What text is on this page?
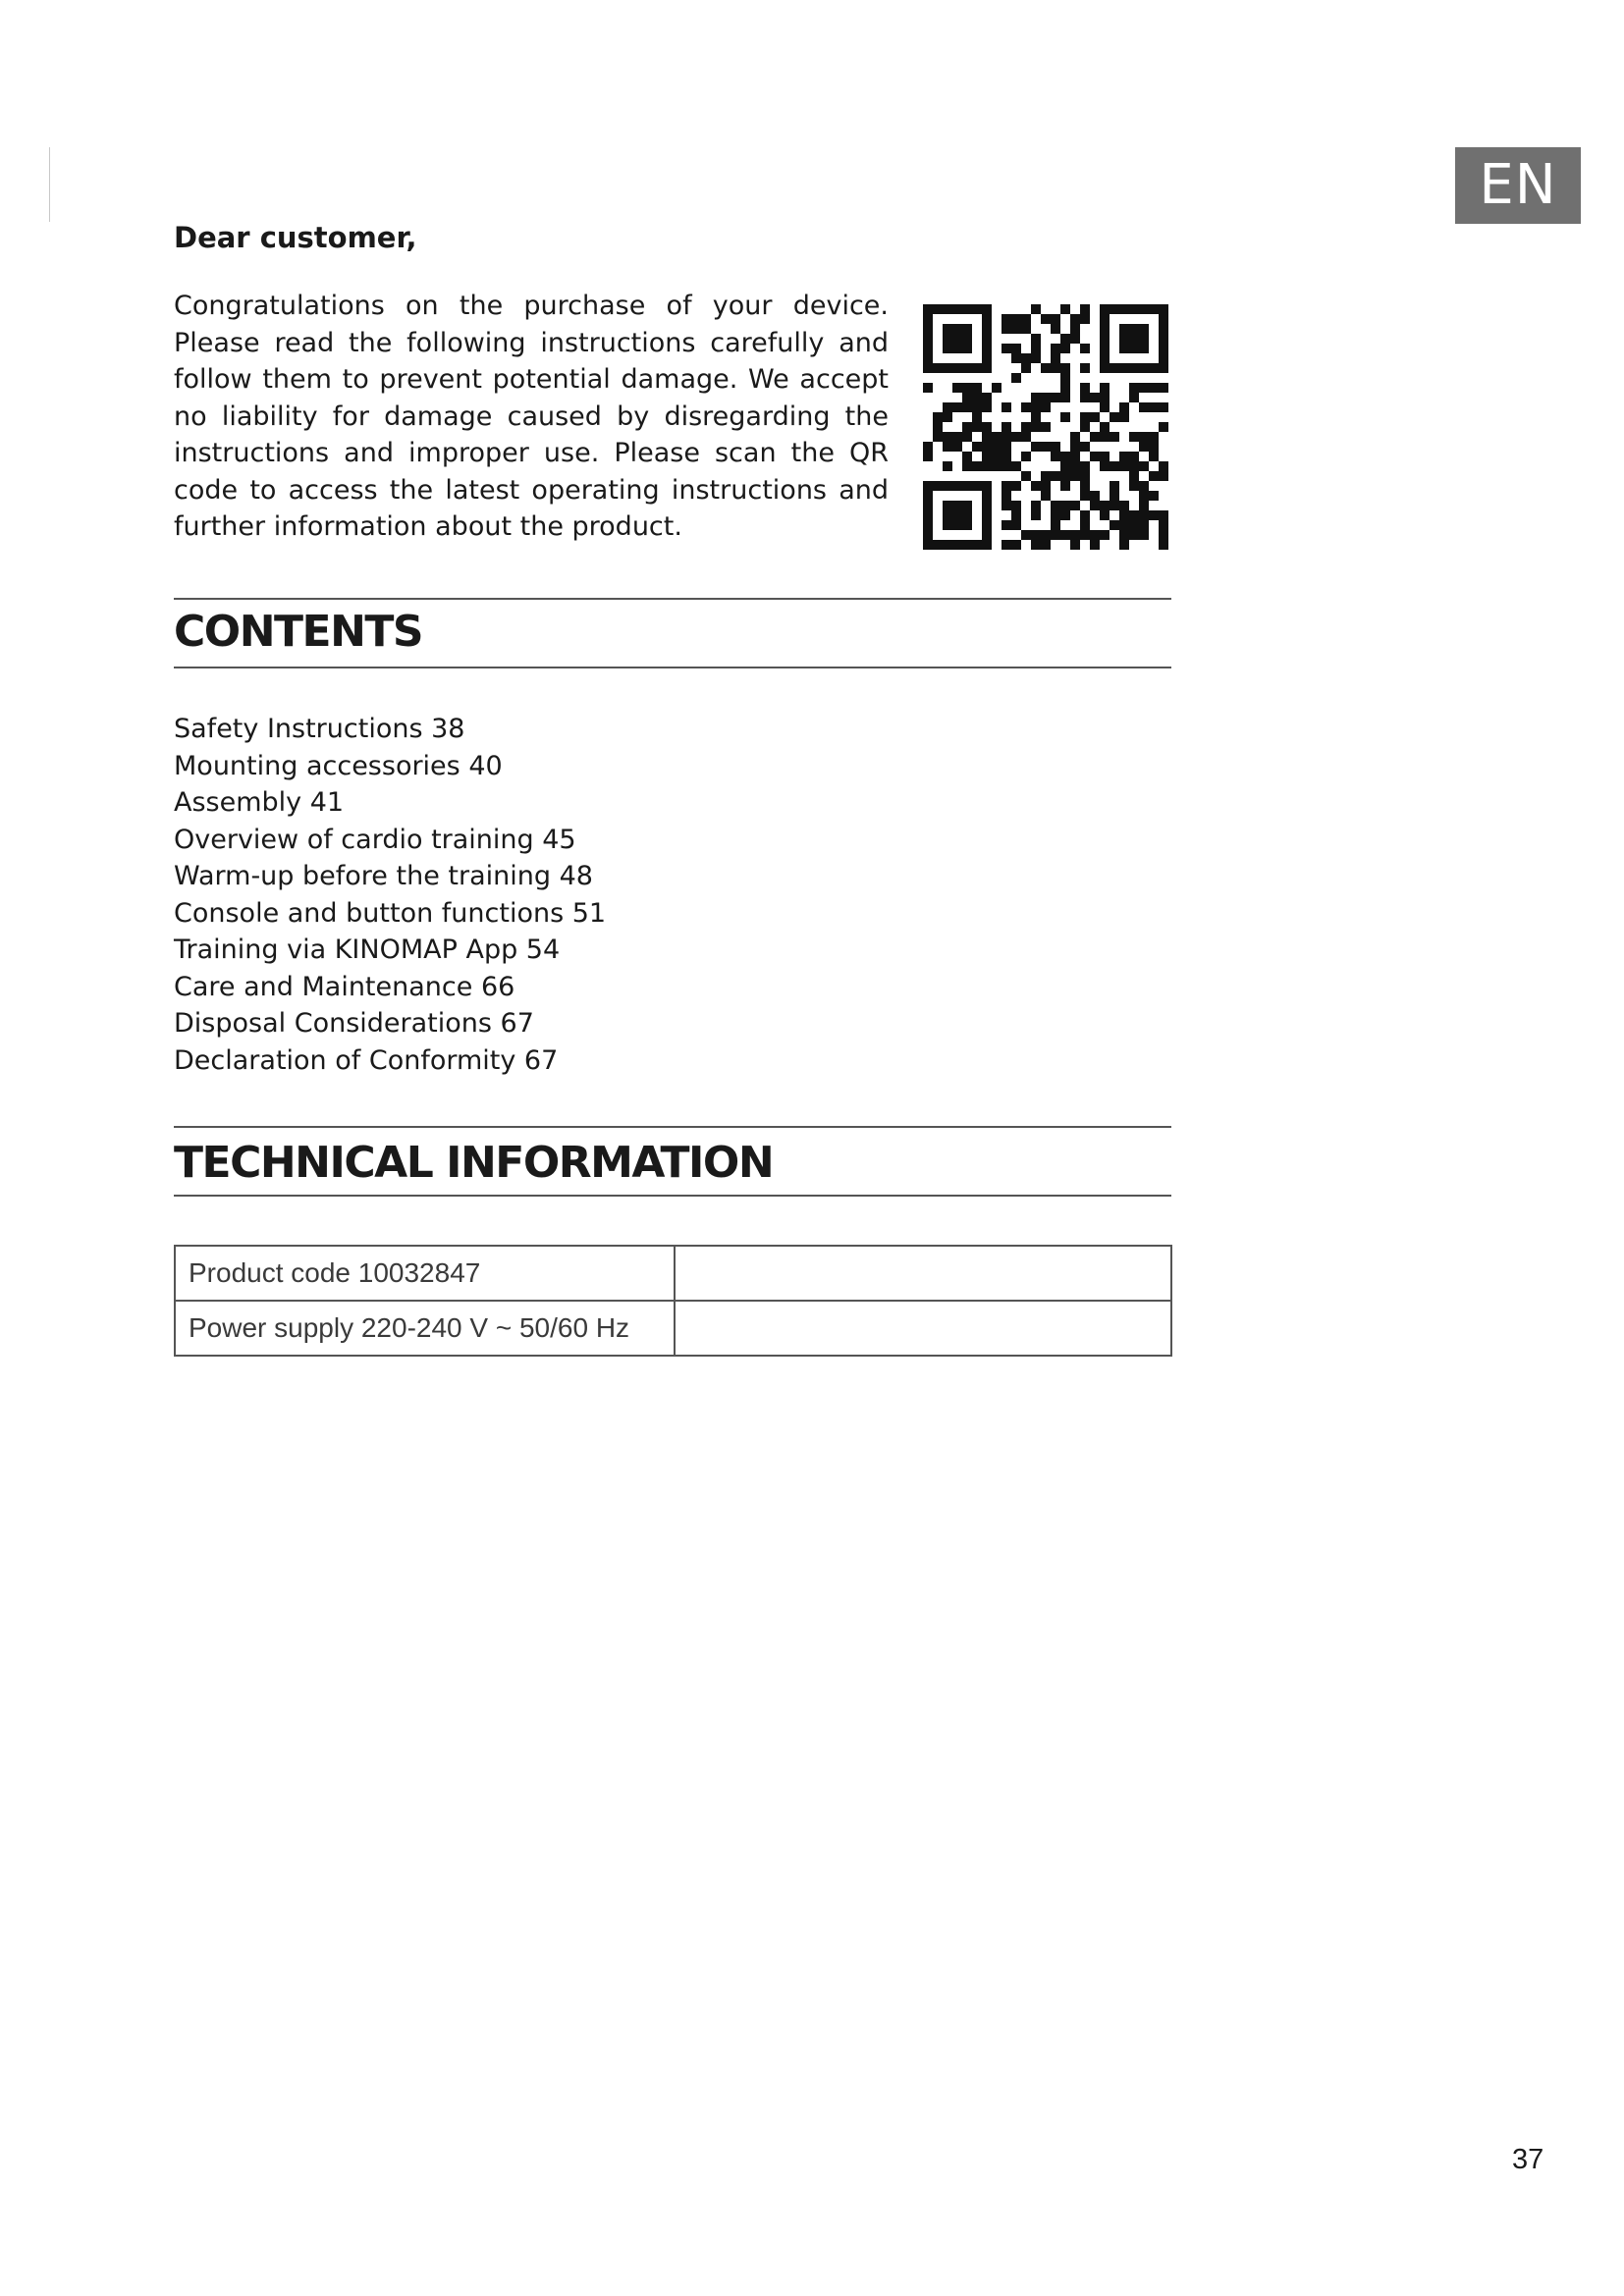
EN
Dear customer,

Congratulations on the purchase of your device. Please read the following instructions carefully and follow them to prevent potential damage. We accept no liability for damage caused by disregarding the instructions and improper use. Please scan the QR code to access the latest operating instructions and further information about the product.

CONTENTS
Safety Instructions 38
Mounting accessories 40
Assembly 41
Overview of cardio training 45
Warm-up before the training 48
Console and button functions 51
Training via KINOMAP App 54
Care and Maintenance 66
Disposal Considerations 67
Declaration of Conformity 67
TECHNICAL INFORMATION
Product code 10032847	
Power supply 220-240 V ~ 50/60 Hz	
37
